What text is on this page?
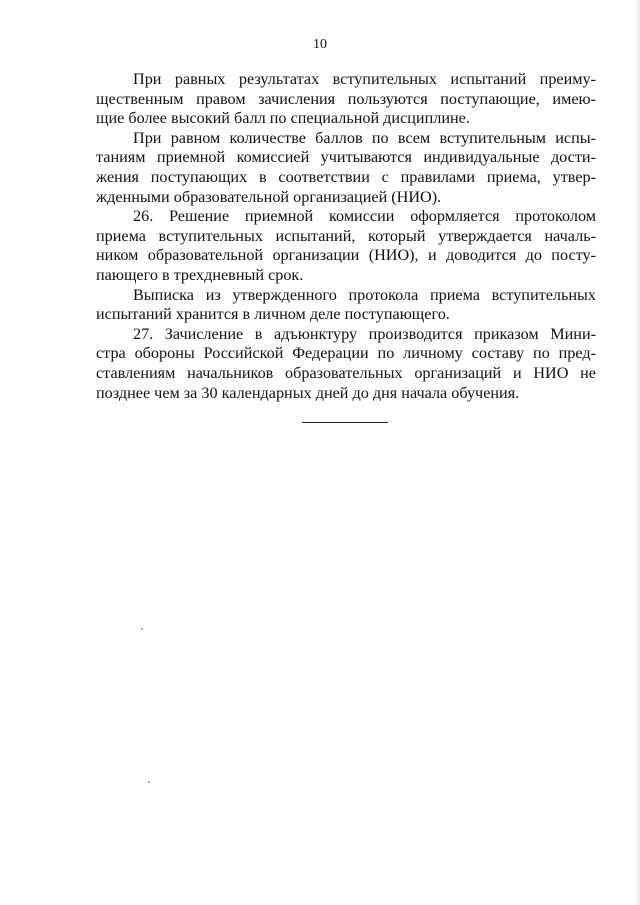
10

При равных результатах вступительных испытаний преиму-
щественным правом зачисления пользуются поступающие, имею-
щие более высокий балл по специальной дисциплине.

При равном количестве баллов по всем вступительным испы-
таниям приемной комиссией учитываются индивидуальные дости-
жения поступающих в соответствии с правилами приема, утвер-
жденными образовательной организацией (НИО).

26. Решение приемной комиссии оформляется протоколом
приема вступительных испытаний, который утверждается началь-
ником образовательной организации (НИО), и доводится до посту-
пающего в трехдневный срок.

Выписка из утвержденного протокола приема вступительных
испытаний хранится в личном деле поступающего.

27. Зачисление в адъюнктуру производится приказом Мини-
стра обороны Российской Федерации по личному составу по пред-
ставлениям начальников образовательных организаций и НИО не
позднее чем за 30 календарных дней до дня начала обучения.
